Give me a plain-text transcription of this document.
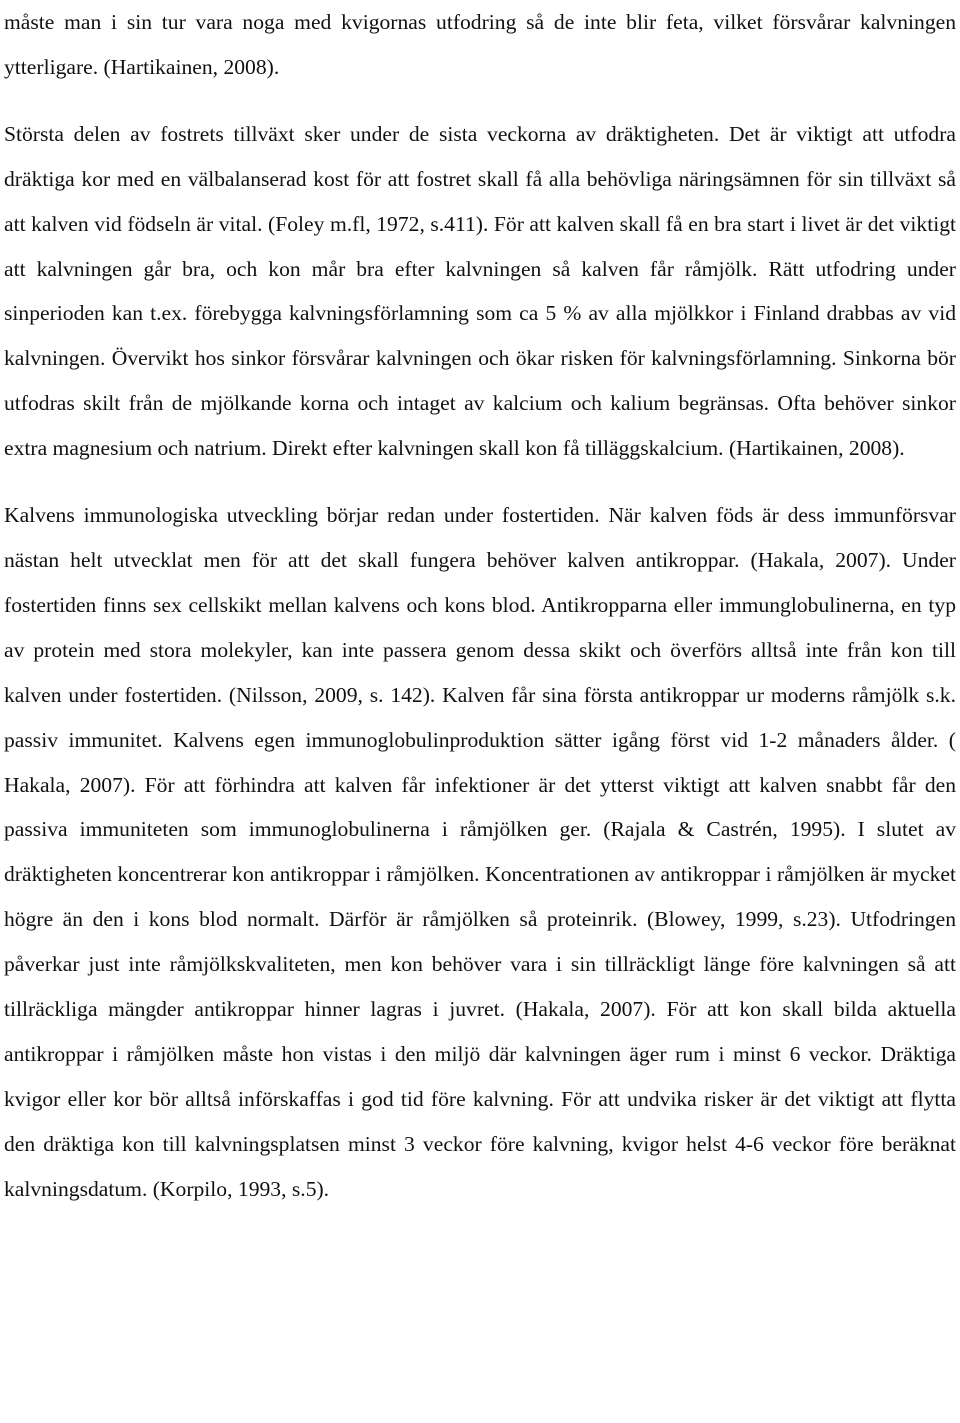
måste man i sin tur vara noga med kvigornas utfodring så de inte blir feta, vilket försvårar kalvningen ytterligare. (Hartikainen, 2008).

Största delen av fostrets tillväxt sker under de sista veckorna av dräktigheten. Det är viktigt att utfodra dräktiga kor med en välbalanserad kost för att fostret skall få alla behövliga näringsämnen för sin tillväxt så att kalven vid födseln är vital. (Foley m.fl, 1972, s.411). För att kalven skall få en bra start i livet är det viktigt att kalvningen går bra, och kon mår bra efter kalvningen så kalven får råmjölk. Rätt utfodring under sinperioden kan t.ex. förebygga kalvningsförlamning som ca 5 % av alla mjölkkor i Finland drabbas av vid kalvningen. Övervikt hos sinkor försvårar kalvningen och ökar risken för kalvningsförlamning. Sinkorna bör utfodras skilt från de mjölkande korna och intaget av kalcium och kalium begränsas. Ofta behöver sinkor extra magnesium och natrium. Direkt efter kalvningen skall kon få tilläggskalcium. (Hartikainen, 2008).

Kalvens immunologiska utveckling börjar redan under fostertiden. När kalven föds är dess immunförsvar nästan helt utvecklat men för att det skall fungera behöver kalven antikroppar. (Hakala, 2007). Under fostertiden finns sex cellskikt mellan kalvens och kons blod. Antikropparna eller immunglobulinerna, en typ av protein med stora molekyler, kan inte passera genom dessa skikt och överförs alltså inte från kon till kalven under fostertiden. (Nilsson, 2009, s. 142). Kalven får sina första antikroppar ur moderns råmjölk s.k. passiv immunitet. Kalvens egen immunoglobulinproduktion sätter igång först vid 1-2 månaders ålder. ( Hakala, 2007). För att förhindra att kalven får infektioner är det ytterst viktigt att kalven snabbt får den passiva immuniteten som immunoglobulinerna i råmjölken ger. (Rajala & Castrén, 1995). I slutet av dräktigheten koncentrerar kon antikroppar i råmjölken. Koncentrationen av antikroppar i råmjölken är mycket högre än den i kons blod normalt. Därför är råmjölken så proteinrik. (Blowey, 1999, s.23). Utfodringen påverkar just inte råmjölkskvaliteten, men kon behöver vara i sin tillräckligt länge före kalvningen så att tillräckliga mängder antikroppar hinner lagras i juvret. (Hakala, 2007). För att kon skall bilda aktuella antikroppar i råmjölken måste hon vistas i den miljö där kalvningen äger rum i minst 6 veckor. Dräktiga kvigor eller kor bör alltså införskaffas i god tid före kalvning. För att undvika risker är det viktigt att flytta den dräktiga kon till kalvningsplatsen minst 3 veckor före kalvning, kvigor helst 4-6 veckor före beräknat kalvningsdatum. (Korpilo, 1993, s.5).
